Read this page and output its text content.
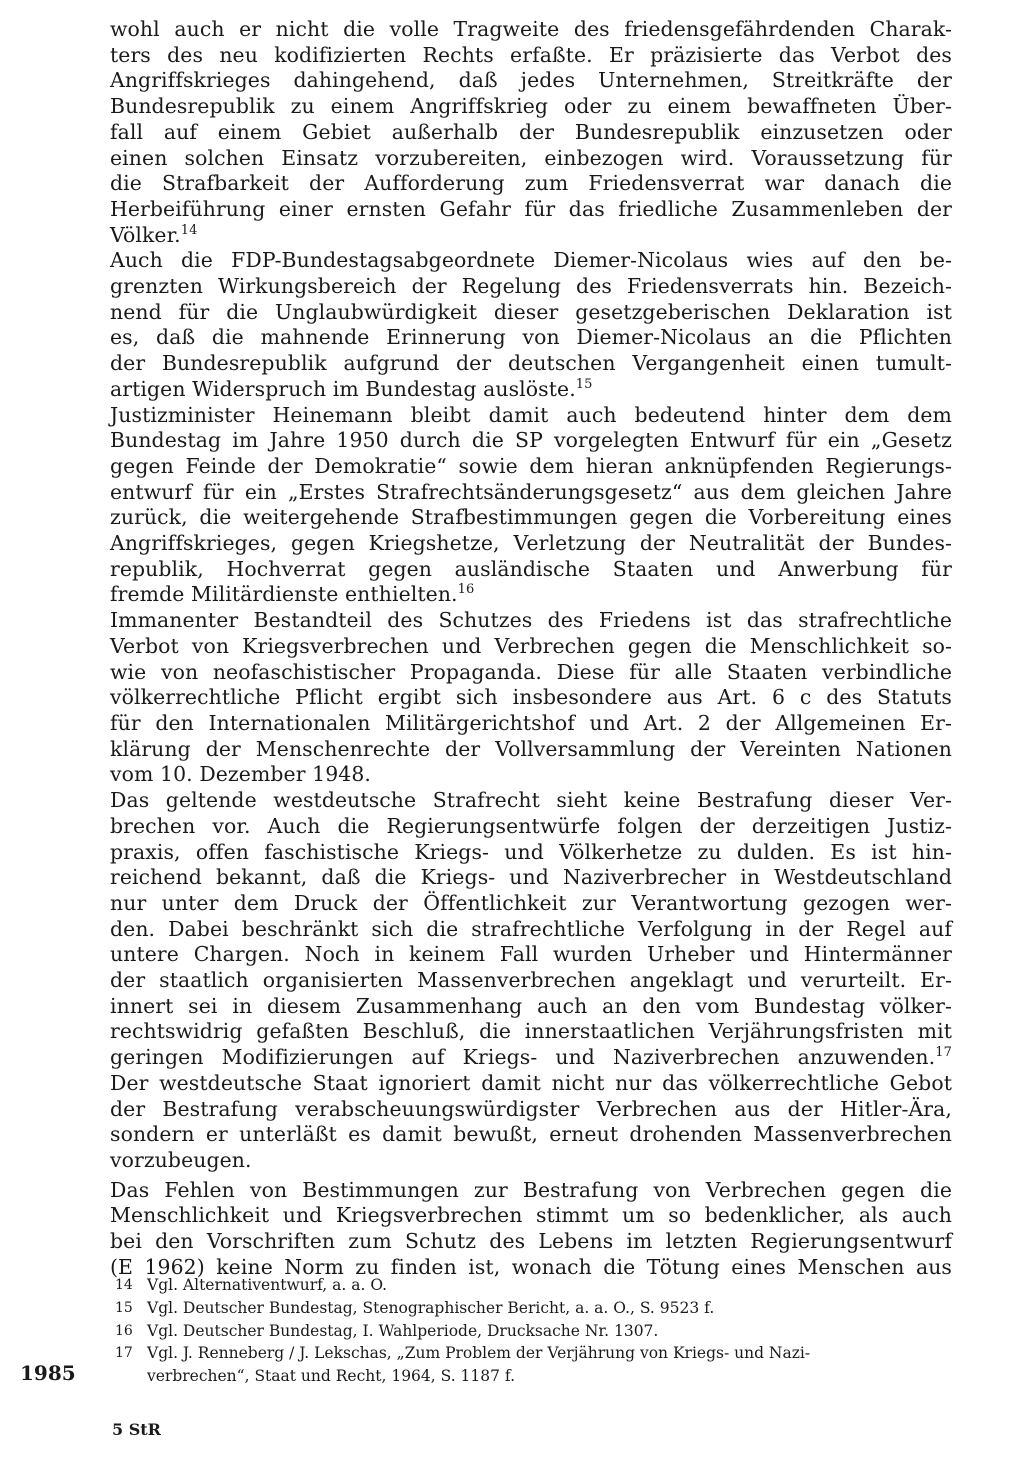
wohl auch er nicht die volle Tragweite des friedensgefährdenden Charak-
ters des neu kodifizierten Rechts erfaßte. Er präzisierte das Verbot des
Angriffskrieges dahingehend, daß jedes Unternehmen, Streitkräfte der
Bundesrepublik zu einem Angriffskrieg oder zu einem bewaffneten Über-
fall auf einem Gebiet außerhalb der Bundesrepublik einzusetzen oder
einen solchen Einsatz vorzubereiten, einbezogen wird. Voraussetzung für
die Strafbarkeit der Aufforderung zum Friedensverrat war danach die
Herbeiführung einer ernsten Gefahr für das friedliche Zusammenleben der
Völker.$^{14}$
Auch die FDP-Bundestagsabgeordnete Diemer-Nicolaus wies auf den be-
grenzten Wirkungsbereich der Regelung des Friedensverrats hin. Bezeich-
nend für die Unglaubwürdigkeit dieser gesetzgeberischen Deklaration ist
es, daß die mahnende Erinnerung von Diemer-Nicolaus an die Pflichten
der Bundesrepublik aufgrund der deutschen Vergangenheit einen tumult-
artigen Widerspruch im Bundestag auslöste.$^{15}$
Justizminister Heinemann bleibt damit auch bedeutend hinter dem dem
Bundestag im Jahre 1950 durch die SP vorgelegten Entwurf für ein „Gesetz
gegen Feinde der Demokratie“ sowie dem hieran anknüpfenden Regierungs-
entwurf für ein „Erstes Strafrechtsänderungsgesetz“ aus dem gleichen Jahre
zurück, die weitergehende Strafbestimmungen gegen die Vorbereitung eines
Angriffskrieges, gegen Kriegshetze, Verletzung der Neutralität der Bundes-
republik, Hochverrat gegen ausländische Staaten und Anwerbung für
fremde Militärdienste enthielten.$^{16}$
Immanenter Bestandteil des Schutzes des Friedens ist das strafrechtliche
Verbot von Kriegsverbrechen und Verbrechen gegen die Menschlichkeit so-
wie von neofaschistischer Propaganda. Diese für alle Staaten verbindliche
völkerrechtliche Pflicht ergibt sich insbesondere aus Art. 6 c des Statuts
für den Internationalen Militärgerichtshof und Art. 2 der Allgemeinen Er-
klärung der Menschenrechte der Vollversammlung der Vereinten Nationen
vom 10. Dezember 1948.
Das geltende westdeutsche Strafrecht sieht keine Bestrafung dieser Ver-
brechen vor. Auch die Regierungsentwürfe folgen der derzeitigen Justiz-
praxis, offen faschistische Kriegs- und Völkerhetze zu dulden. Es ist hin-
reichend bekannt, daß die Kriegs- und Naziverbrecher in Westdeutschland
nur unter dem Druck der Öffentlichkeit zur Verantwortung gezogen wer-
den. Dabei beschränkt sich die strafrechtliche Verfolgung in der Regel auf
untere Chargen. Noch in keinem Fall wurden Urheber und Hintermänner
der staatlich organisierten Massenverbrechen angeklagt und verurteilt. Er-
innert sei in diesem Zusammenhang auch an den vom Bundestag völker-
rechtswidrig gefaßten Beschluß, die innerstaatlichen Verjährungsfristen mit
geringen Modifizierungen auf Kriegs- und Naziverbrechen anzuwenden.$^{17}$
Der westdeutsche Staat ignoriert damit nicht nur das völkerrechtliche Gebot
der Bestrafung verabscheuungswürdigster Verbrechen aus der Hitler-Ära,
sondern er unterläßt es damit bewußt, erneut drohenden Massenverbrechen
vorzubeugen.
Das Fehlen von Bestimmungen zur Bestrafung von Verbrechen gegen die
Menschlichkeit und Kriegsverbrechen stimmt um so bedenklicher, als auch
bei den Vorschriften zum Schutz des Lebens im letzten Regierungsentwurf
(E 1962) keine Norm zu finden ist, wonach die Tötung eines Menschen aus
14 Vgl. Alternativentwurf, a. a. O.
15 Vgl. Deutscher Bundestag, Stenographischer Bericht, a. a. O., S. 9523 f.
16 Vgl. Deutscher Bundestag, I. Wahlperiode, Drucksache Nr. 1307.
17 Vgl. J. Renneberg / J. Lekschas, „Zum Problem der Verjährung von Kriegs- und Nazi-
verbrechen“, Staat und Recht, 1964, S. 1187 f.
1985
5 StR
